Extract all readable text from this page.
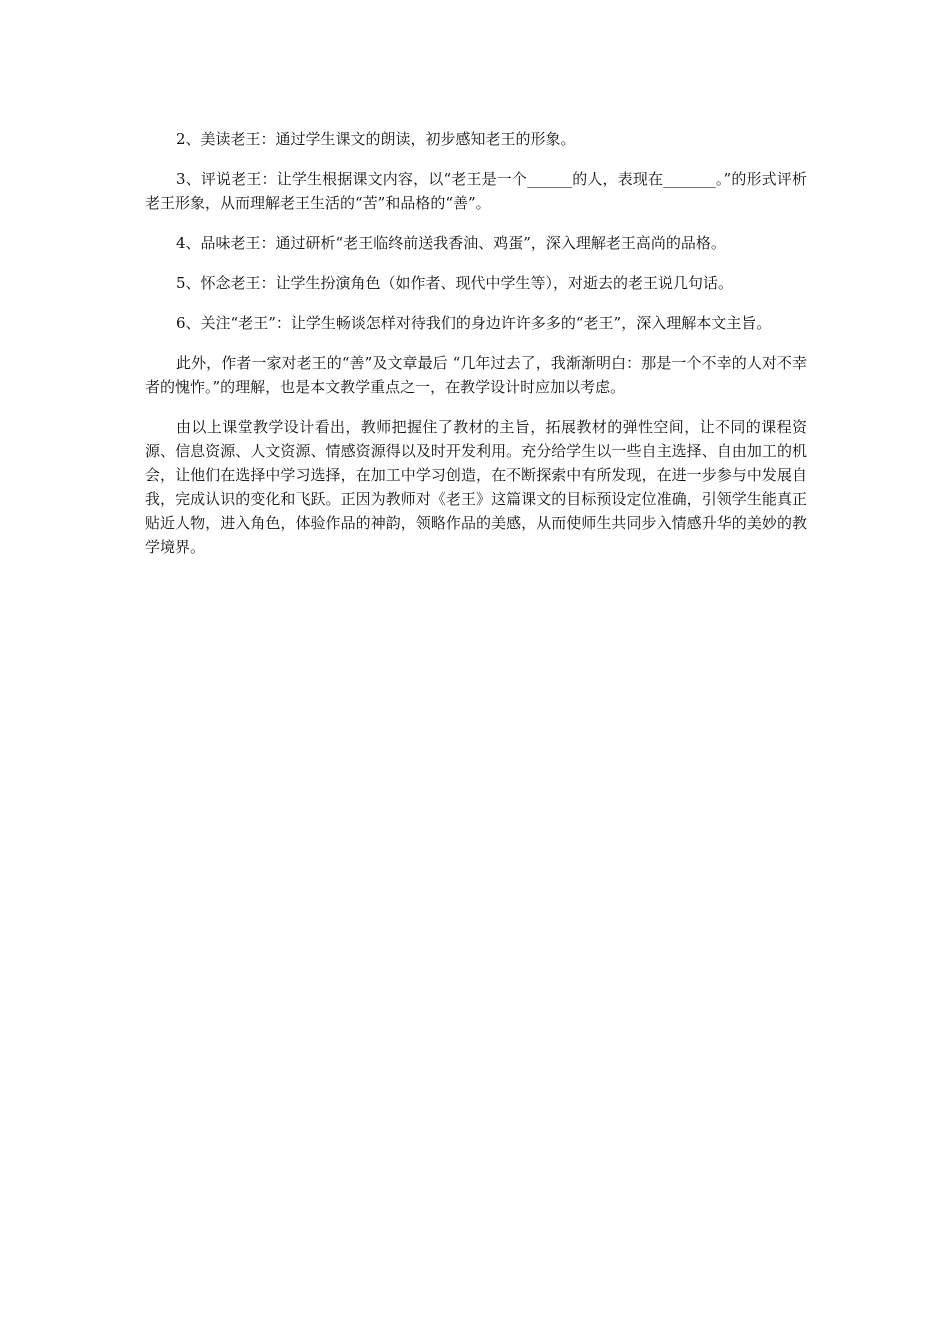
2、美读老王：通过学生课文的朗读，初步感知老王的形象。

3、评说老王：让学生根据课文内容，以“老王是一个______的人，表现在_______。”的形式评析老王形象，从而理解老王生活的“苦”和品格的“善”。

4、品味老王：通过研析“老王临终前送我香油、鸡蛋”，深入理解老王高尚的品格。

5、怀念老王：让学生扮演角色（如作者、现代中学生等），对逝去的老王说几句话。

6、关注“老王”：让学生畅谈怎样对待我们的身边许许多多的“老王”，深入理解本文主旨。

此外，作者一家对老王的“善”及文章最后 “几年过去了，我渐渐明白：那是一个不幸的人对不幸者的愧怍。”的理解，也是本文教学重点之一，在教学设计时应加以考虑。

由以上课堂教学设计看出，教师把握住了教材的主旨，拓展教材的弹性空间，让不同的课程资源、信息资源、人文资源、情感资源得以及时开发利用。充分给学生以一些自主选择、自由加工的机会，让他们在选择中学习选择，在加工中学习创造，在不断探索中有所发现，在进一步参与中发展自我，完成认识的变化和飞跃。正因为教师对《老王》这篇课文的目标预设定位准确，引领学生能真正贴近人物，进入角色，体验作品的神韵，领略作品的美感，从而使师生共同步入情感升华的美妙的教学境界。
